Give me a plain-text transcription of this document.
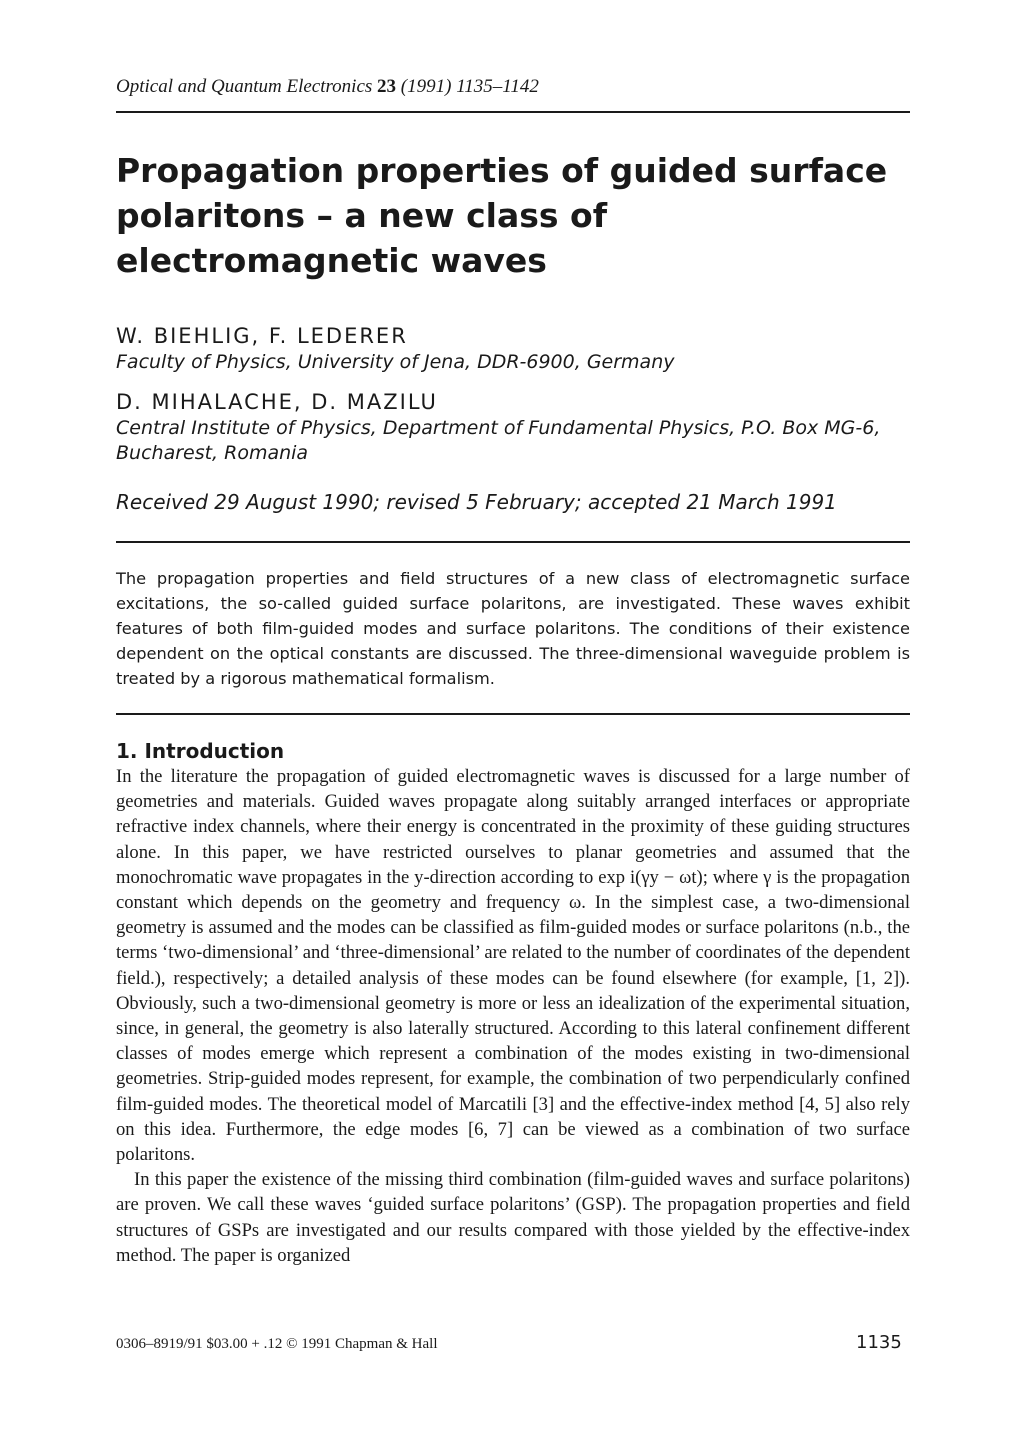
Optical and Quantum Electronics 23 (1991) 1135–1142
Propagation properties of guided surface polaritons – a new class of electromagnetic waves

W. BIEHLIG, F. LEDERER

Faculty of Physics, University of Jena, DDR-6900, Germany

D. MIHALACHE, D. MAZILU

Central Institute of Physics, Department of Fundamental Physics, P.O. Box MG-6, Bucharest, Romania

Received 29 August 1990; revised 5 February; accepted 21 March 1991

The propagation properties and field structures of a new class of electromagnetic surface excitations, the so-called guided surface polaritons, are investigated. These waves exhibit features of both film-guided modes and surface polaritons. The conditions of their existence dependent on the optical constants are discussed. The three-dimensional waveguide problem is treated by a rigorous mathematical formalism.

1. Introduction

In the literature the propagation of guided electromagnetic waves is discussed for a large number of geometries and materials. Guided waves propagate along suitably arranged interfaces or appropriate refractive index channels, where their energy is concentrated in the proximity of these guiding structures alone. In this paper, we have restricted ourselves to planar geometries and assumed that the monochromatic wave propagates in the y-direction according to exp i(γy − ωt); where γ is the propagation constant which depends on the geometry and frequency ω. In the simplest case, a two-dimensional geometry is assumed and the modes can be classified as film-guided modes or surface polaritons (n.b., the terms ‘two-dimensional’ and ‘three-dimensional’ are related to the number of coordinates of the dependent field.), respectively; a detailed analysis of these modes can be found elsewhere (for example, [1, 2]). Obviously, such a two-dimensional geometry is more or less an idealization of the experimental situation, since, in general, the geometry is also laterally structured. According to this lateral confinement different classes of modes emerge which represent a combination of the modes existing in two-dimensional geometries. Strip-guided modes represent, for example, the combination of two perpendicularly confined film-guided modes. The theoretical model of Marcatili [3] and the effective-index method [4, 5] also rely on this idea. Furthermore, the edge modes [6, 7] can be viewed as a combination of two surface polaritons.

In this paper the existence of the missing third combination (film-guided waves and surface polaritons) are proven. We call these waves ‘guided surface polaritons’ (GSP). The propagation properties and field structures of GSPs are investigated and our results compared with those yielded by the effective-index method. The paper is organized

0306–8919/91 $03.00 + .12 © 1991 Chapman & Hall	1135
